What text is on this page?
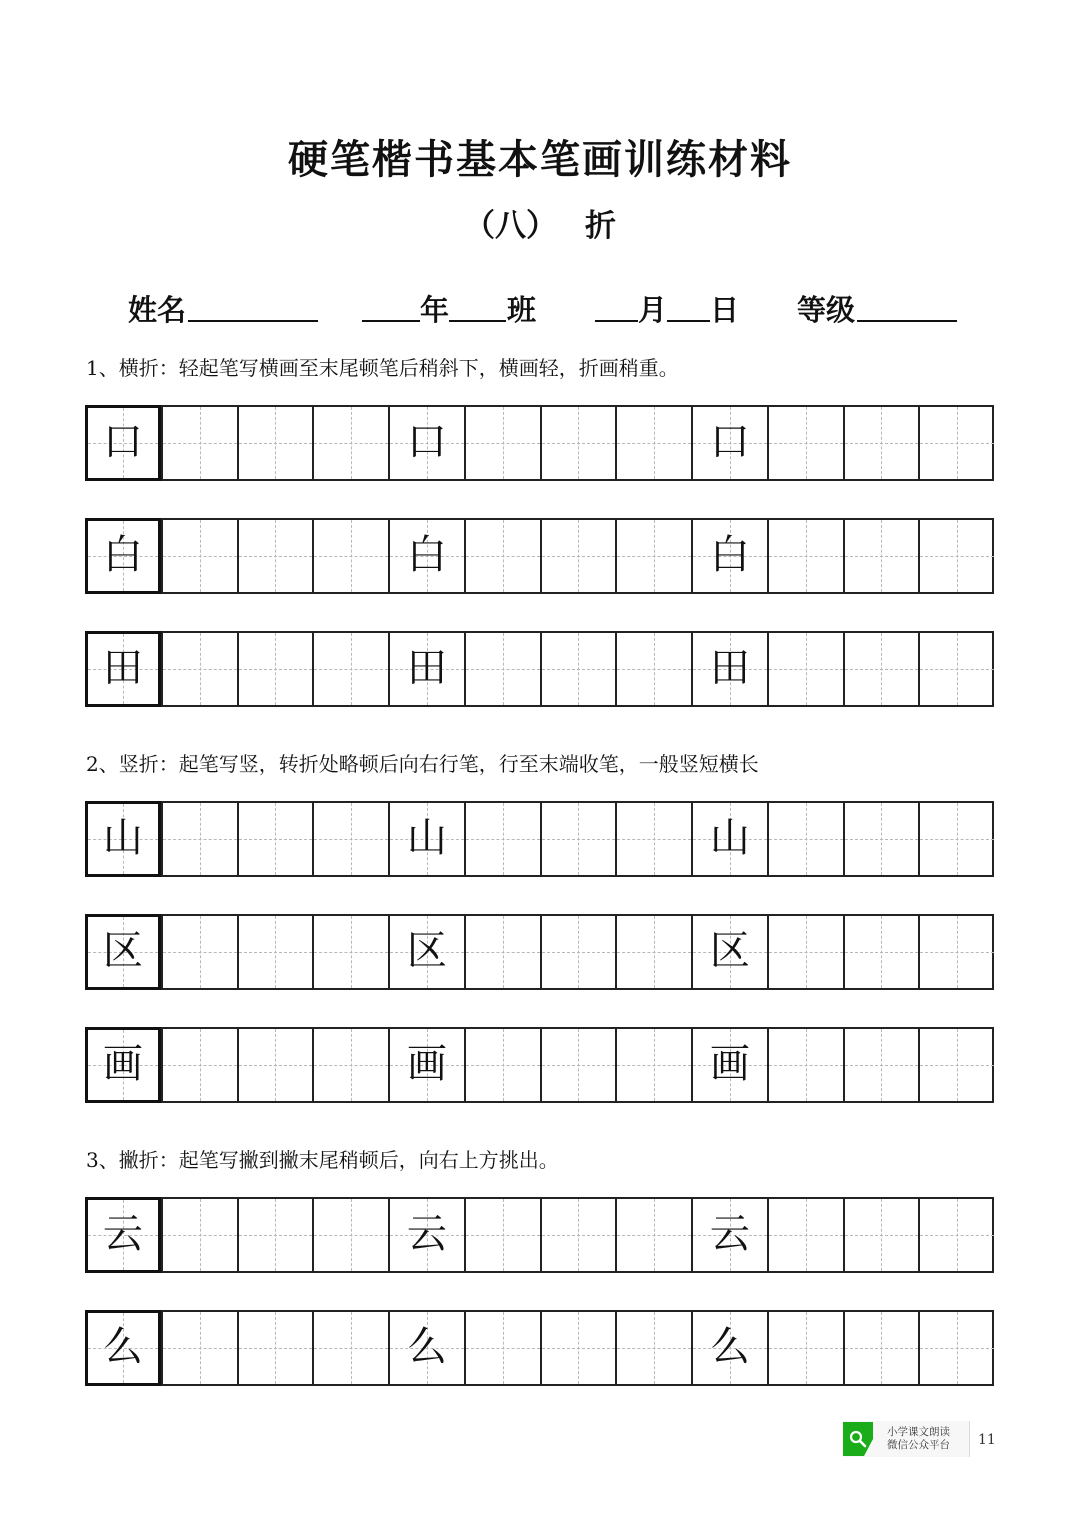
硬笔楷书基本笔画训练材料
（八） 折
姓名	年 班	月 日 等级
1、横折：轻起笔写横画至末尾顿笔后稍斜下，横画轻，折画稍重。
2、竖折：起笔写竖，转折处略顿后向右行笔，行至末端收笔，一般竖短横长
3、撇折：起笔写撇到撇末尾稍顿后，向右上方挑出。
口	口	口
白	白	白
田	田	田
山	山	山
区	区	区
画	画	画
云	云	云
么	么	么
小学课文朗读
微信公众平台 11
